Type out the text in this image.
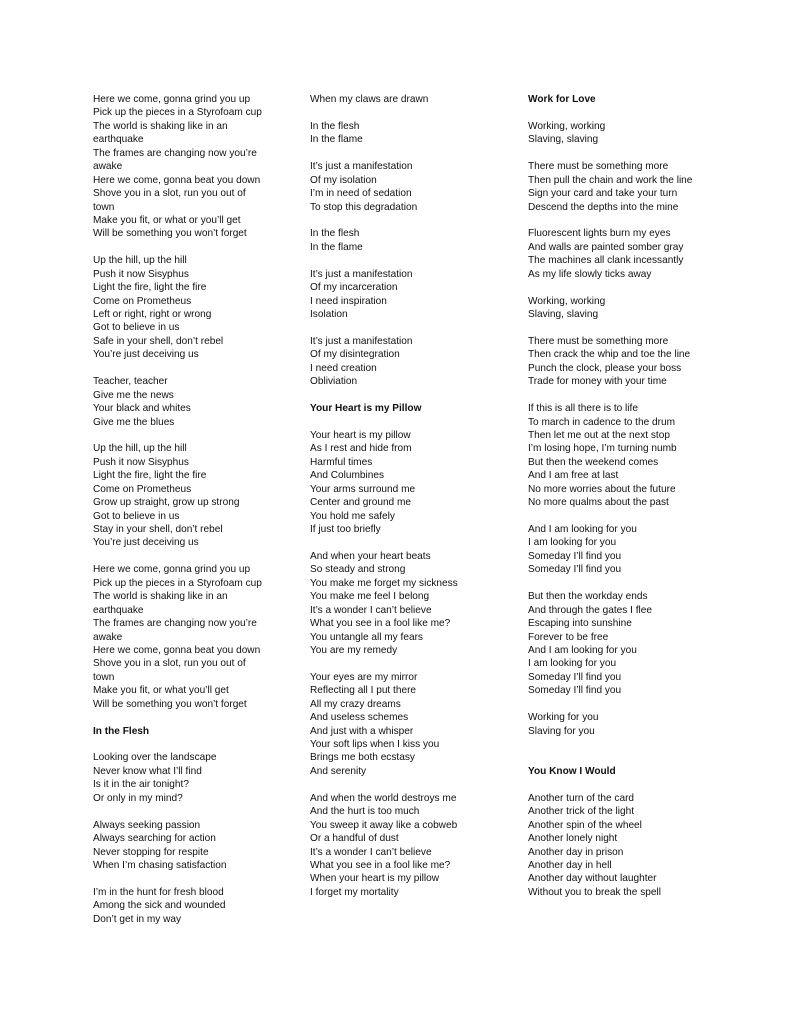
Here we come, gonna grind you up
Pick up the pieces in a Styrofoam cup
The world is shaking like in an
earthquake
The frames are changing now you’re
awake
Here we come, gonna beat you down
Shove you in a slot, run you out of
town
Make you fit, or what or you’ll get
Will be something you won’t forget
Up the hill, up the hill
Push it now Sisyphus
Light the fire, light the fire
Come on Prometheus
Left or right, right or wrong
Got to believe in us
Safe in your shell, don’t rebel
You’re just deceiving us
Teacher, teacher
Give me the news
Your black and whites
Give me the blues
Up the hill, up the hill
Push it now Sisyphus
Light the fire, light the fire
Come on Prometheus
Grow up straight, grow up strong
Got to believe in us
Stay in your shell, don’t rebel
You’re just deceiving us
Here we come, gonna grind you up
Pick up the pieces in a Styrofoam cup
The world is shaking like in an
earthquake
The frames are changing now you’re
awake
Here we come, gonna beat you down
Shove you in a slot, run you out of
town
Make you fit, or what you’ll get
Will be something you won’t forget
In the Flesh
Looking over the landscape
Never know what I’ll find
Is it in the air tonight?
Or only in my mind?
Always seeking passion
Always searching for action
Never stopping for respite
When I’m chasing satisfaction
I’m in the hunt for fresh blood
Among the sick and wounded
Don’t get in my way
When my claws are drawn
In the flesh
In the flame
It’s just a manifestation
Of my isolation
I’m in need of sedation
To stop this degradation
In the flesh
In the flame
It’s just a manifestation
Of my incarceration
I need inspiration
Isolation
It’s just a manifestation
Of my disintegration
I need creation
Obliviation
Your Heart is my Pillow
Your heart is my pillow
As I rest and hide from
Harmful times
And Columbines
Your arms surround me
Center and ground me
You hold me safely
If just too briefly
And when your heart beats
So steady and strong
You make me forget my sickness
You make me feel I belong
It’s a wonder I can’t believe
What you see in a fool like me?
You untangle all my fears
You are my remedy
Your eyes are my mirror
Reflecting all I put there
All my crazy dreams
And useless schemes
And just with a whisper
Your soft lips when I kiss you
Brings me both ecstasy
And serenity
And when the world destroys me
And the hurt is too much
You sweep it away like a cobweb
Or a handful of dust
It’s a wonder I can’t believe
What you see in a fool like me?
When your heart is my pillow
I forget my mortality
Work for Love
Working, working
Slaving, slaving
There must be something more
Then pull the chain and work the line
Sign your card and take your turn
Descend the depths into the mine
Fluorescent lights burn my eyes
And walls are painted somber gray
The machines all clank incessantly
As my life slowly ticks away
Working, working
Slaving, slaving
There must be something more
Then crack the whip and toe the line
Punch the clock, please your boss
Trade for money with your time
If this is all there is to life
To march in cadence to the drum
Then let me out at the next stop
I’m losing hope, I’m turning numb
But then the weekend comes
And I am free at last
No more worries about the future
No more qualms about the past
And I am looking for you
I am looking for you
Someday I’ll find you
Someday I’ll find you
But then the workday ends
And through the gates I flee
Escaping into sunshine
Forever to be free
And I am looking for you
I am looking for you
Someday I’ll find you
Someday I’ll find you
Working for you
Slaving for you
You Know I Would
Another turn of the card
Another trick of the light
Another spin of the wheel
Another lonely night
Another day in prison
Another day in hell
Another day without laughter
Without you to break the spell
